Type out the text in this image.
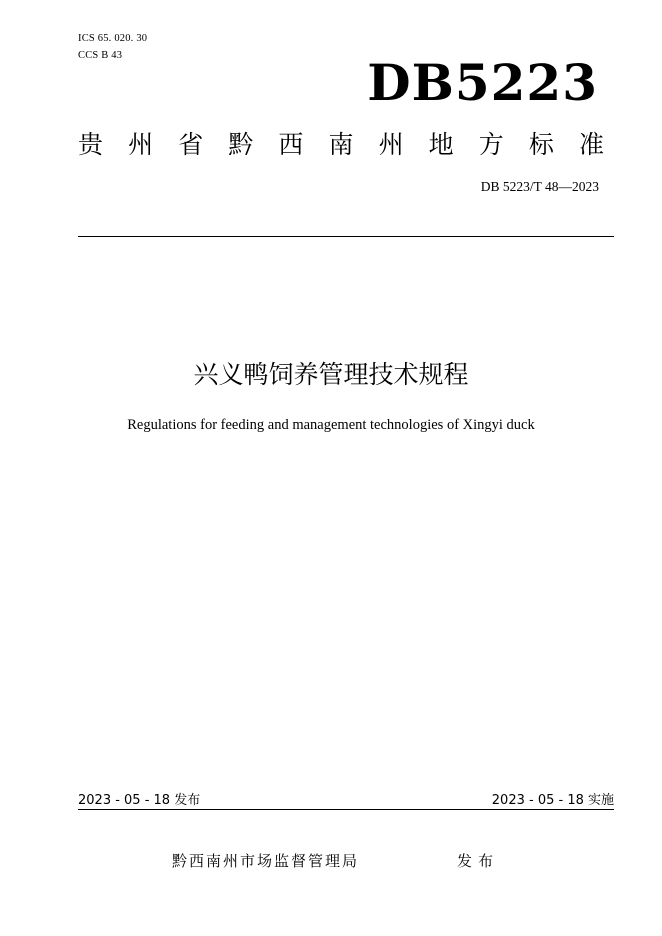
ICS 65. 020. 30
CCS B 43	DB5223
贵 州 省 黔 西 南 州 地 方 标 准
DB 5223/T 48—2023
兴义鸭饲养管理技术规程
Regulations for feeding and management technologies of Xingyi duck
2023 - 05 - 18 发布	2023 - 05 - 18 实施
黔西南州市场监督管理局	发布
